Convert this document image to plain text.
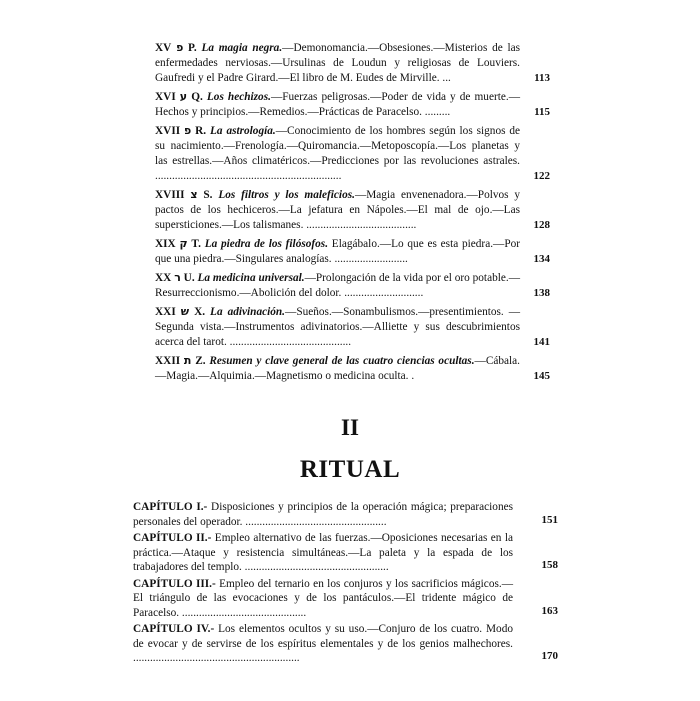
XV פ P. La magia negra.—Demonomancia.—Obsesiones.—Misterios de las enfermedades nerviosas.—Ursulinas de Loudun y religiosas de Louviers. Gaufredi y el Padre Girard.—El libro de M. Eudes de Mirville. ...	113
XVI ע Q. Los hechizos.—Fuerzas peligrosas.—Poder de vida y de muerte.—Hechos y principios.—Remedios.—Prácticas de Paracelso. .........	115
XVII פ R. La astrología.—Conocimiento de los hombres según los signos de su nacimiento.—Frenología.—Quiromancia.—Metoposcopía.—Los planetas y las estrellas.—Años climatéricos.—Predicciones por las revoluciones astrales. ..................................................................	122
XVIII צ S. Los filtros y los maleficios.—Magia envenenadora.—Polvos y pactos de los hechiceros.—La jefatura en Nápoles.—El mal de ojo.—Las supersticiones.—Los talismanes. .......................................	128
XIX ק T. La piedra de los filósofos. Elagábalo.—Lo que es esta piedra.—Por que una piedra.—Singulares analogías. ..........................	134
XX ר U. La medicina universal.—Prolongación de la vida por el oro potable.—Resurreccionismo.—Abolición del dolor. ............................	138
XXI ש X. La adivinación.—Sueños.—Sonambulismos.—presentimientos. —Segunda vista.—Instrumentos adivinatorios.—Alliette y sus descubrimientos acerca del tarot. ...........................................	141
XXII ת Z. Resumen y clave general de las cuatro ciencias ocultas.—Cábala.—Magia.—Alquimia.—Magnetismo o medicina oculta. .	145
II
RITUAL
CAPÍTULO I.- Disposiciones y principios de la operación mágica; preparaciones personales del operador. ..................................................	151
CAPÍTULO II.- Empleo alternativo de las fuerzas.—Oposiciones necesarias en la práctica.—Ataque y resistencia simultáneas.—La paleta y la espada de los trabajadores del templo. ...................................................	158
CAPÍTULO III.- Empleo del ternario en los conjuros y los sacrificios mágicos.—El triángulo de las evocaciones y de los pantáculos.—El tridente mágico de Paracelso. ............................................	163
CAPÍTULO IV.- Los elementos ocultos y su uso.—Conjuro de los cuatro. Modo de evocar y de servirse de los espíritus elementales y de los genios malhechores. ...........................................................	170
